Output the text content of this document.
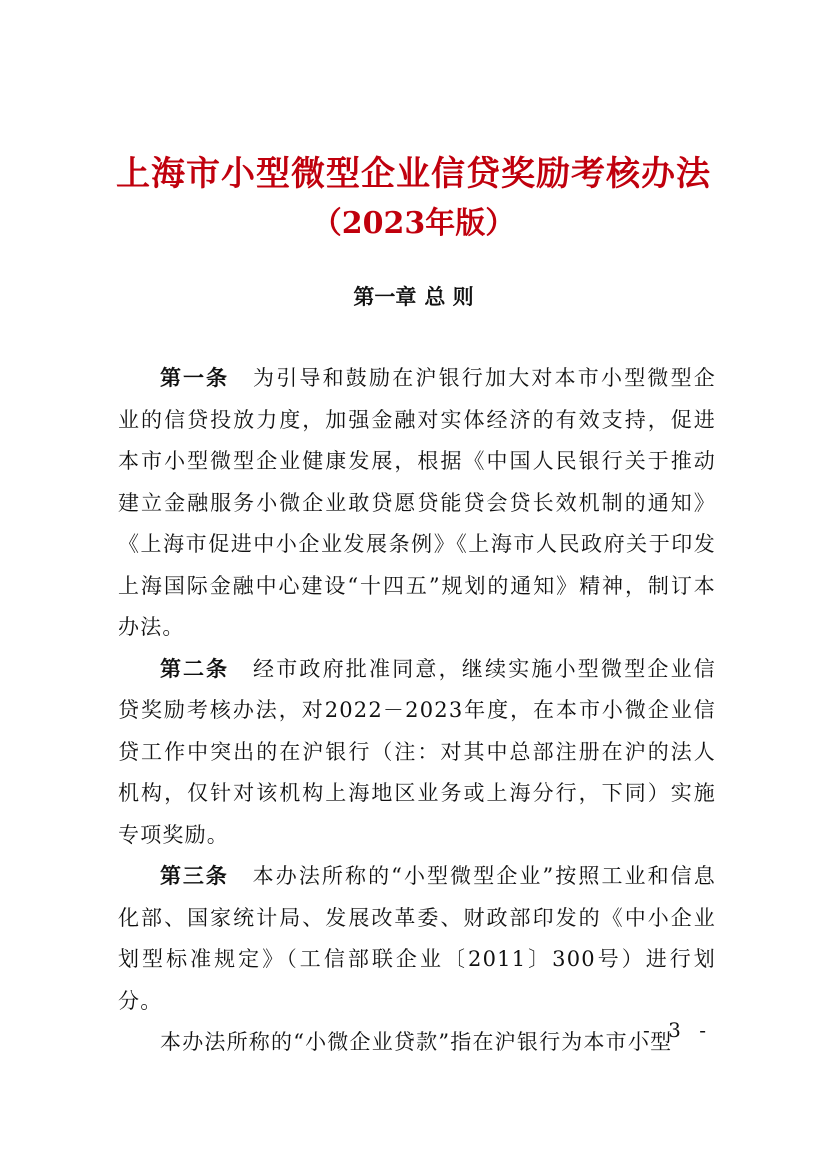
上海市小型微型企业信贷奖励考核办法
（2023年版）
第一章 总 则

第一条 为引导和鼓励在沪银行加大对本市小型微型企业的信贷投放力度，加强金融对实体经济的有效支持，促进本市小型微型企业健康发展，根据《中国人民银行关于推动建立金融服务小微企业敢贷愿贷能贷会贷长效机制的通知》《上海市促进中小企业发展条例》《上海市人民政府关于印发上海国际金融中心建设“十四五”规划的通知》精神，制订本办法。

第二条 经市政府批准同意，继续实施小型微型企业信贷奖励考核办法，对2022－2023年度，在本市小微企业信贷工作中突出的在沪银行（注：对其中总部注册在沪的法人机构，仅针对该机构上海地区业务或上海分行，下同）实施专项奖励。

第三条 本办法所称的“小型微型企业”按照工业和信息化部、国家统计局、发展改革委、财政部印发的《中小企业划型标准规定》（工信部联企业〔2011〕300号）进行划分。

本办法所称的“小微企业贷款”指在沪银行为本市小型

- 3 -
